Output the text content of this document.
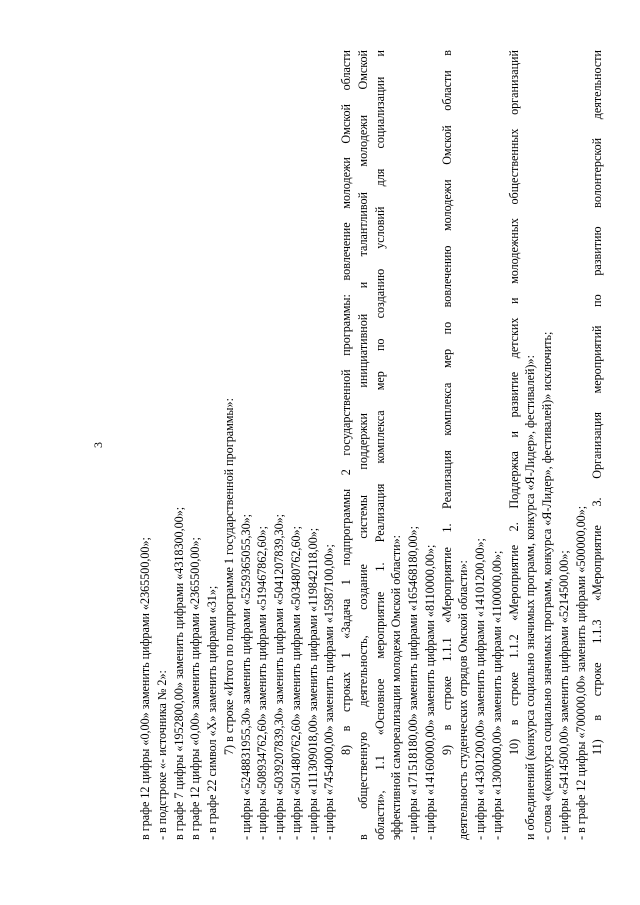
3
в графе 12 цифры «0,00» заменить цифрами «2365500,00»; - в подстроке «- источника № 2»: в графе 7 цифры «1952800,00» заменить цифрами «4318300,00»; в графе 12 цифры «0,00» заменить цифрами «2365500,00»; - в графе 22 символ «Х» заменить цифрами «31»; 7) в строке «Итого по подпрограмме 1 государственной программы»: - цифры «5248831955,30» заменить цифрами «5259365055,30»; - цифры «508934762,60» заменить цифрами «519467862,60»; - цифры «5039207839,30» заменить цифрами «5041207839,30»; - цифры «501480762,60» заменить цифрами «503480762,60»; - цифры «111309018,00» заменить цифрами «119842118,00»; - цифры «7454000,00» заменить цифрами «15987100,00»; 8) в строках 1 «Задача 1 подпрограммы 2 государственной программы: вовлечение молодежи Омской области в общественную деятельность, создание системы поддержки инициативной и талантливой молодежи Омской области», 1.1 «Основное мероприятие 1. Реализация комплекса мер по созданию условий для социализации и эффективной самореализации молодежи Омской области»: - цифры «171518180,00» заменить цифрами «165468180,00»; - цифры «14160000,00» заменить цифрами «8110000,00»; 9) в строке 1.1.1 «Мероприятие 1. Реализация комплекса мер по вовлечению молодежи Омской области в деятельность студенческих отрядов Омской области»: - цифры «14301200,00» заменить цифрами «14101200,00»; - цифры «1300000,00» заменить цифрами «1100000,00»; 10) в строке 1.1.2 «Мероприятие 2. Поддержка и развитие детских и молодежных общественных организаций и объединений (конкурса социально значимых программ, конкурса «Я-Лидер», фестивалей)»: - слова «(конкурса социально значимых программ, конкурса «Я-Лидер», фестивалей)» исключить; - цифры «5414500,00» заменить цифрами «5214500,00»; - в графе 12 цифры «700000,00» заменить цифрами «500000,00»; 11) в строке 1.1.3 «Мероприятие 3. Организация мероприятий по развитию волонтерской деятельности
